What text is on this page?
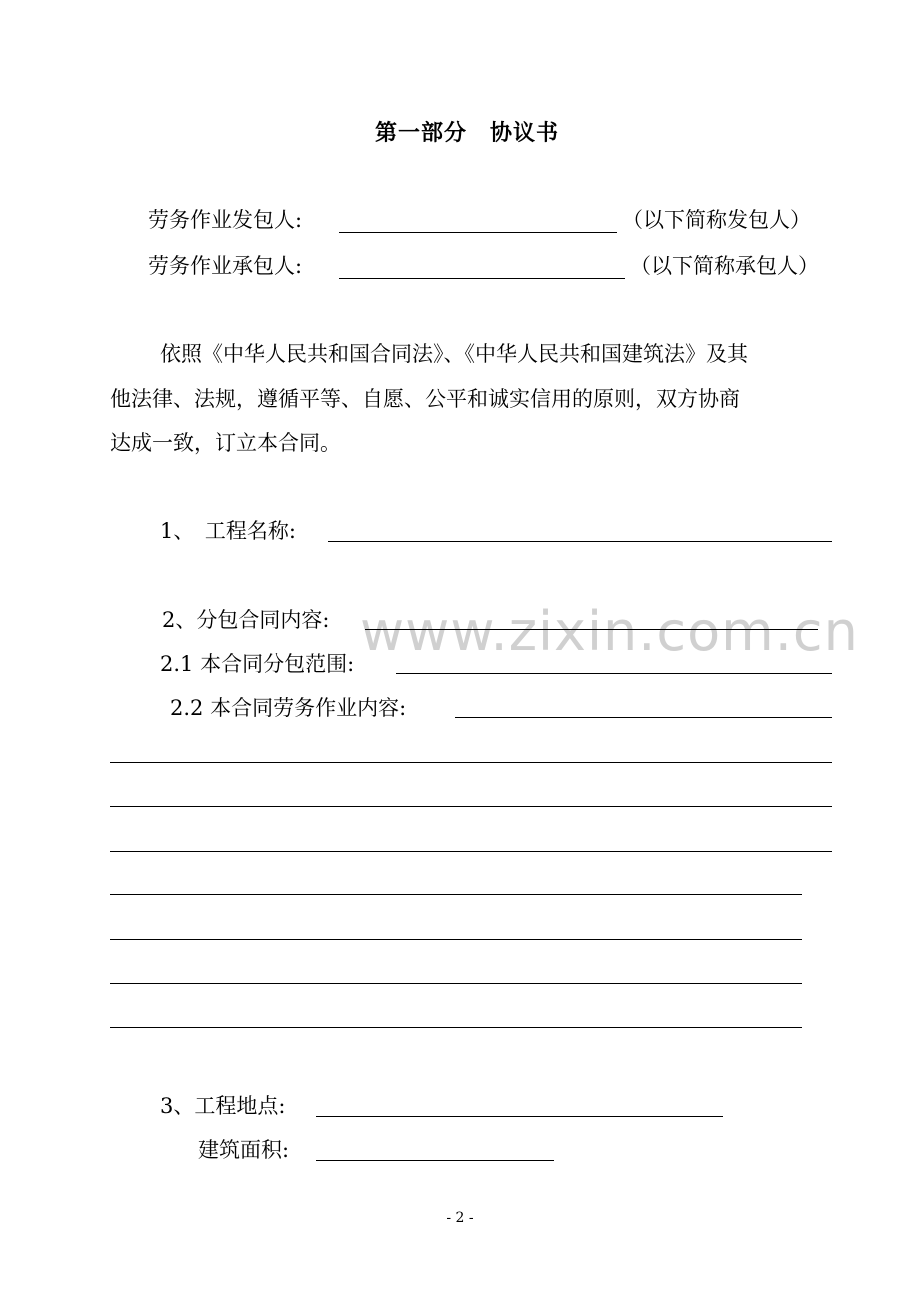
第一部分　协议书
劳务作业发包人:	（以下简称发包人）
劳务作业承包人:	（以下简称承包人）
依照《中华人民共和国合同法》、《中华人民共和国建筑法》及其
他法律、法规，遵循平等、自愿、公平和诚实信用的原则，双方协商
达成一致，订立本合同。
1、　工程名称:
www.zixin.com.cn
2、分包合同内容:
2.1 本合同分包范围:
2.2 本合同劳务作业内容:
3、工程地点:
建筑面积:
- 2 -
